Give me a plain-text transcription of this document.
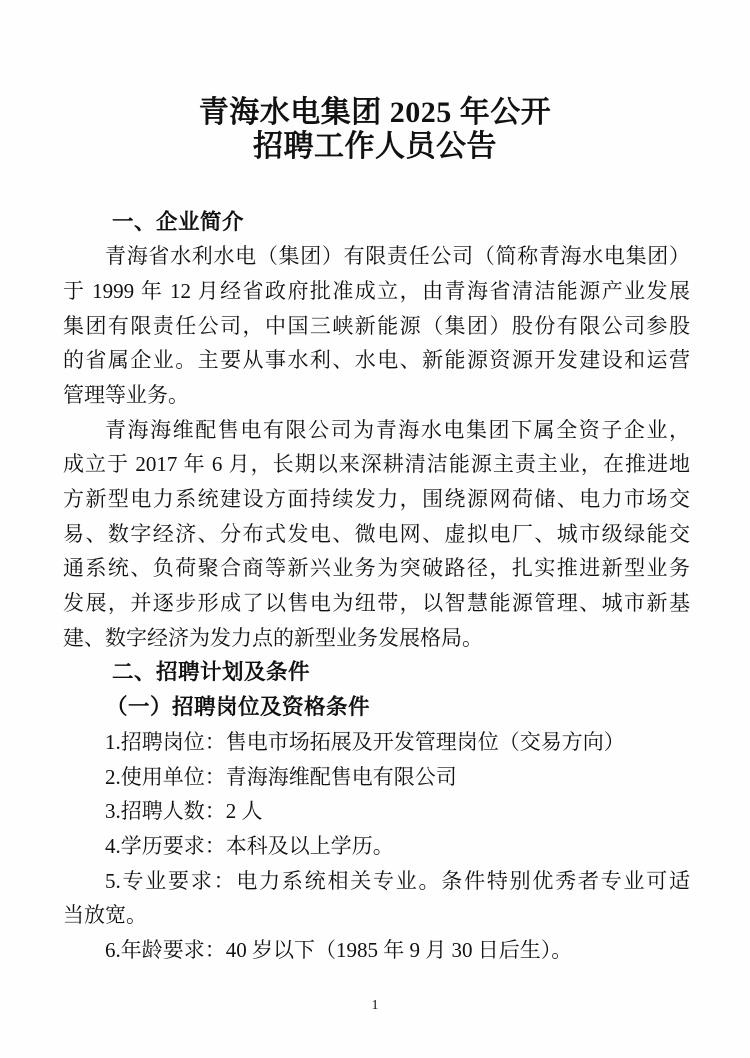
青海水电集团 2025 年公开
招聘工作人员公告
一、企业简介
青海省水利水电（集团）有限责任公司（简称青海水电集团）
于 1999 年 12 月经省政府批准成立，由青海省清洁能源产业发展
集团有限责任公司，中国三峡新能源（集团）股份有限公司参股
的省属企业。主要从事水利、水电、新能源资源开发建设和运营
管理等业务。
青海海维配售电有限公司为青海水电集团下属全资子企业，
成立于 2017 年 6 月，长期以来深耕清洁能源主责主业，在推进地
方新型电力系统建设方面持续发力，围绕源网荷储、电力市场交
易、数字经济、分布式发电、微电网、虚拟电厂、城市级绿能交
通系统、负荷聚合商等新兴业务为突破路径，扎实推进新型业务
发展，并逐步形成了以售电为纽带，以智慧能源管理、城市新基
建、数字经济为发力点的新型业务发展格局。
二、招聘计划及条件
（一）招聘岗位及资格条件
1.招聘岗位：售电市场拓展及开发管理岗位（交易方向）
2.使用单位：青海海维配售电有限公司
3.招聘人数：2 人
4.学历要求：本科及以上学历。
5.专业要求：电力系统相关专业。条件特别优秀者专业可适
当放宽。
6.年龄要求：40 岁以下（1985 年 9 月 30 日后生）。
1
